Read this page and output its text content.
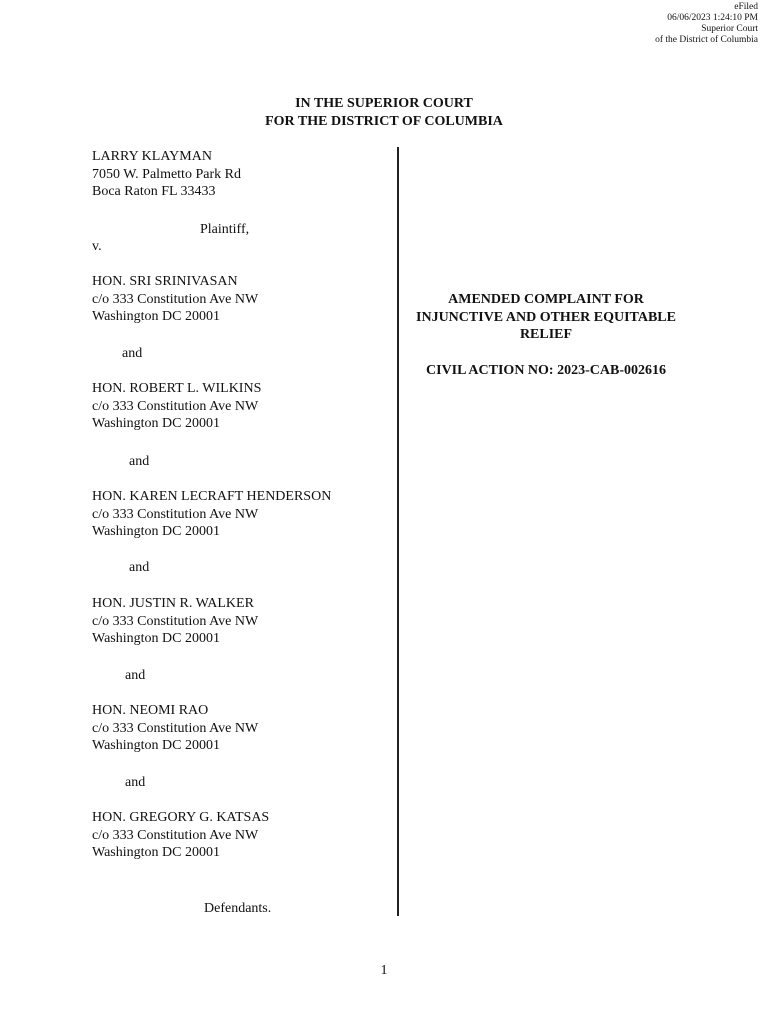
eFiled
06/06/2023 1:24:10 PM
Superior Court
of the District of Columbia
IN THE SUPERIOR COURT
FOR THE DISTRICT OF COLUMBIA
LARRY KLAYMAN
7050 W. Palmetto Park Rd
Boca Raton FL 33433
Plaintiff,
v.
HON. SRI SRINIVASAN
c/o 333 Constitution Ave NW
Washington DC 20001
and
HON. ROBERT L. WILKINS
c/o 333 Constitution Ave NW
Washington DC 20001
and
HON. KAREN LECRAFT HENDERSON
c/o 333 Constitution Ave NW
Washington DC 20001
and
HON. JUSTIN R. WALKER
c/o 333 Constitution Ave NW
Washington DC 20001
and
HON. NEOMI RAO
c/o 333 Constitution Ave NW
Washington DC 20001
and
HON. GREGORY G. KATSAS
c/o 333 Constitution Ave NW
Washington DC 20001
Defendants.
AMENDED COMPLAINT FOR
INJUNCTIVE AND OTHER EQUITABLE
RELIEF
CIVIL ACTION NO: 2023-CAB-002616
1
